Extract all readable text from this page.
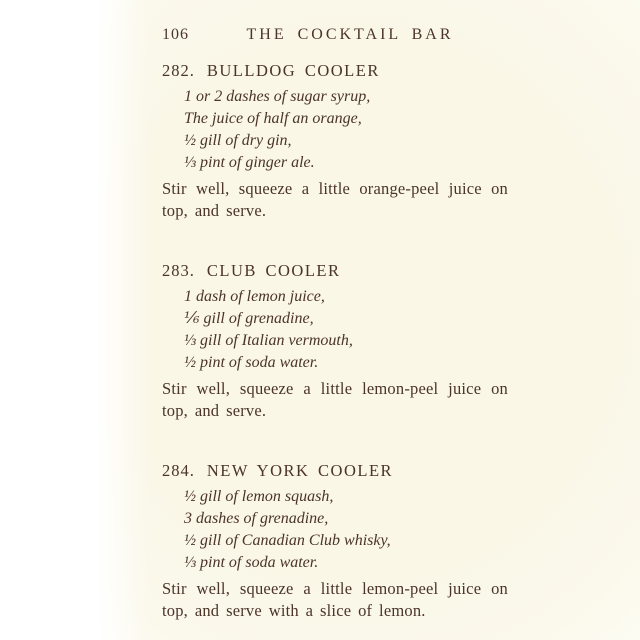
106	THE COCKTAIL BAR
282. BULLDOG COOLER
1 or 2 dashes of sugar syrup,
The juice of half an orange,
½ gill of dry gin,
⅓ pint of ginger ale.

Stir well, squeeze a little orange-peel juice on top, and serve.

283. CLUB COOLER
1 dash of lemon juice,
⅙ gill of grenadine,
⅓ gill of Italian vermouth,
½ pint of soda water.

Stir well, squeeze a little lemon-peel juice on top, and serve.

284. NEW YORK COOLER
½ gill of lemon squash,
3 dashes of grenadine,
½ gill of Canadian Club whisky,
⅓ pint of soda water.

Stir well, squeeze a little lemon-peel juice on top, and serve with a slice of lemon.
